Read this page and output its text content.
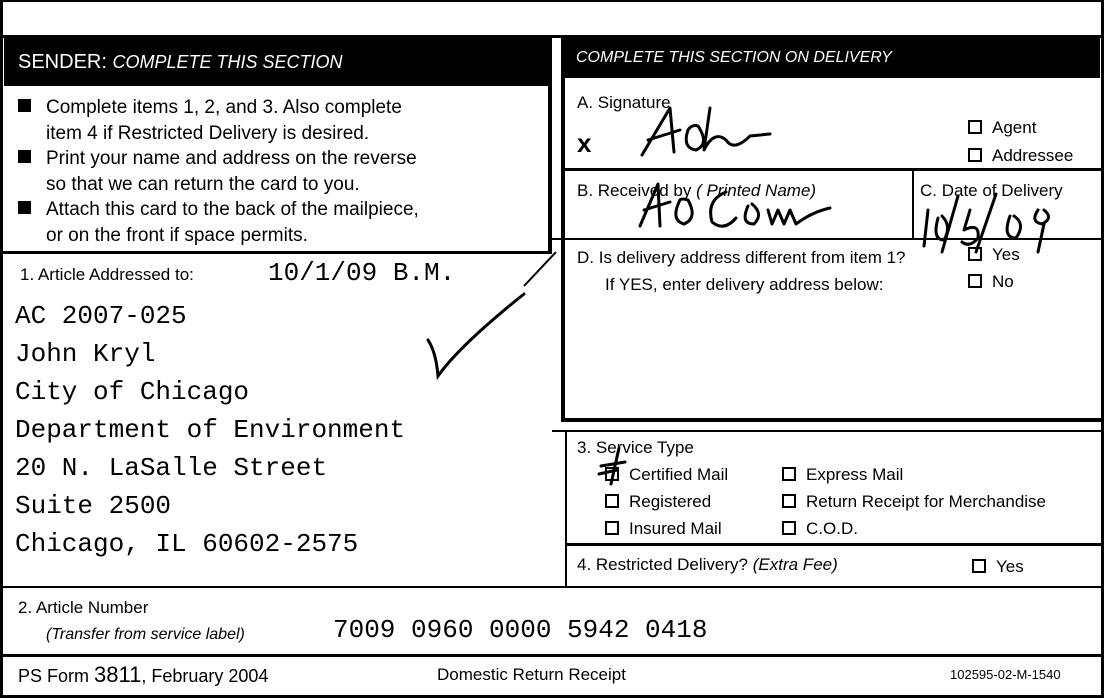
SENDER: COMPLETE THIS SECTION	COMPLETE THIS SECTION ON DELIVERY
Complete items 1, 2, and 3. Also complete
item 4 if Restricted Delivery is desired.
Print your name and address on the reverse
so that we can return the card to you.
Attach this card to the back of the mailpiece,
or on the front if space permits.
1. Article Addressed to:	10/1/09 B.M.
AC 2007-025
John Kryl
City of Chicago
Department of Environment
20 N. LaSalle Street
Suite 2500
Chicago, IL 60602-2575
A. Signature
x
Agent
Addressee
B. Received by ( Printed Name)	C. Date of Delivery
D. Is delivery address different from item 1?	Yes
If YES, enter delivery address below:	No
3. Service Type
Certified Mail	Express Mail
Registered	Return Receipt for Merchandise
Insured Mail	C.O.D.
4. Restricted Delivery? (Extra Fee)	Yes
2. Article Number
(Transfer from service label)	7009 0960 0000 5942 0418
PS Form 3811, February 2004	Domestic Return Receipt	102595-02-M-1540
